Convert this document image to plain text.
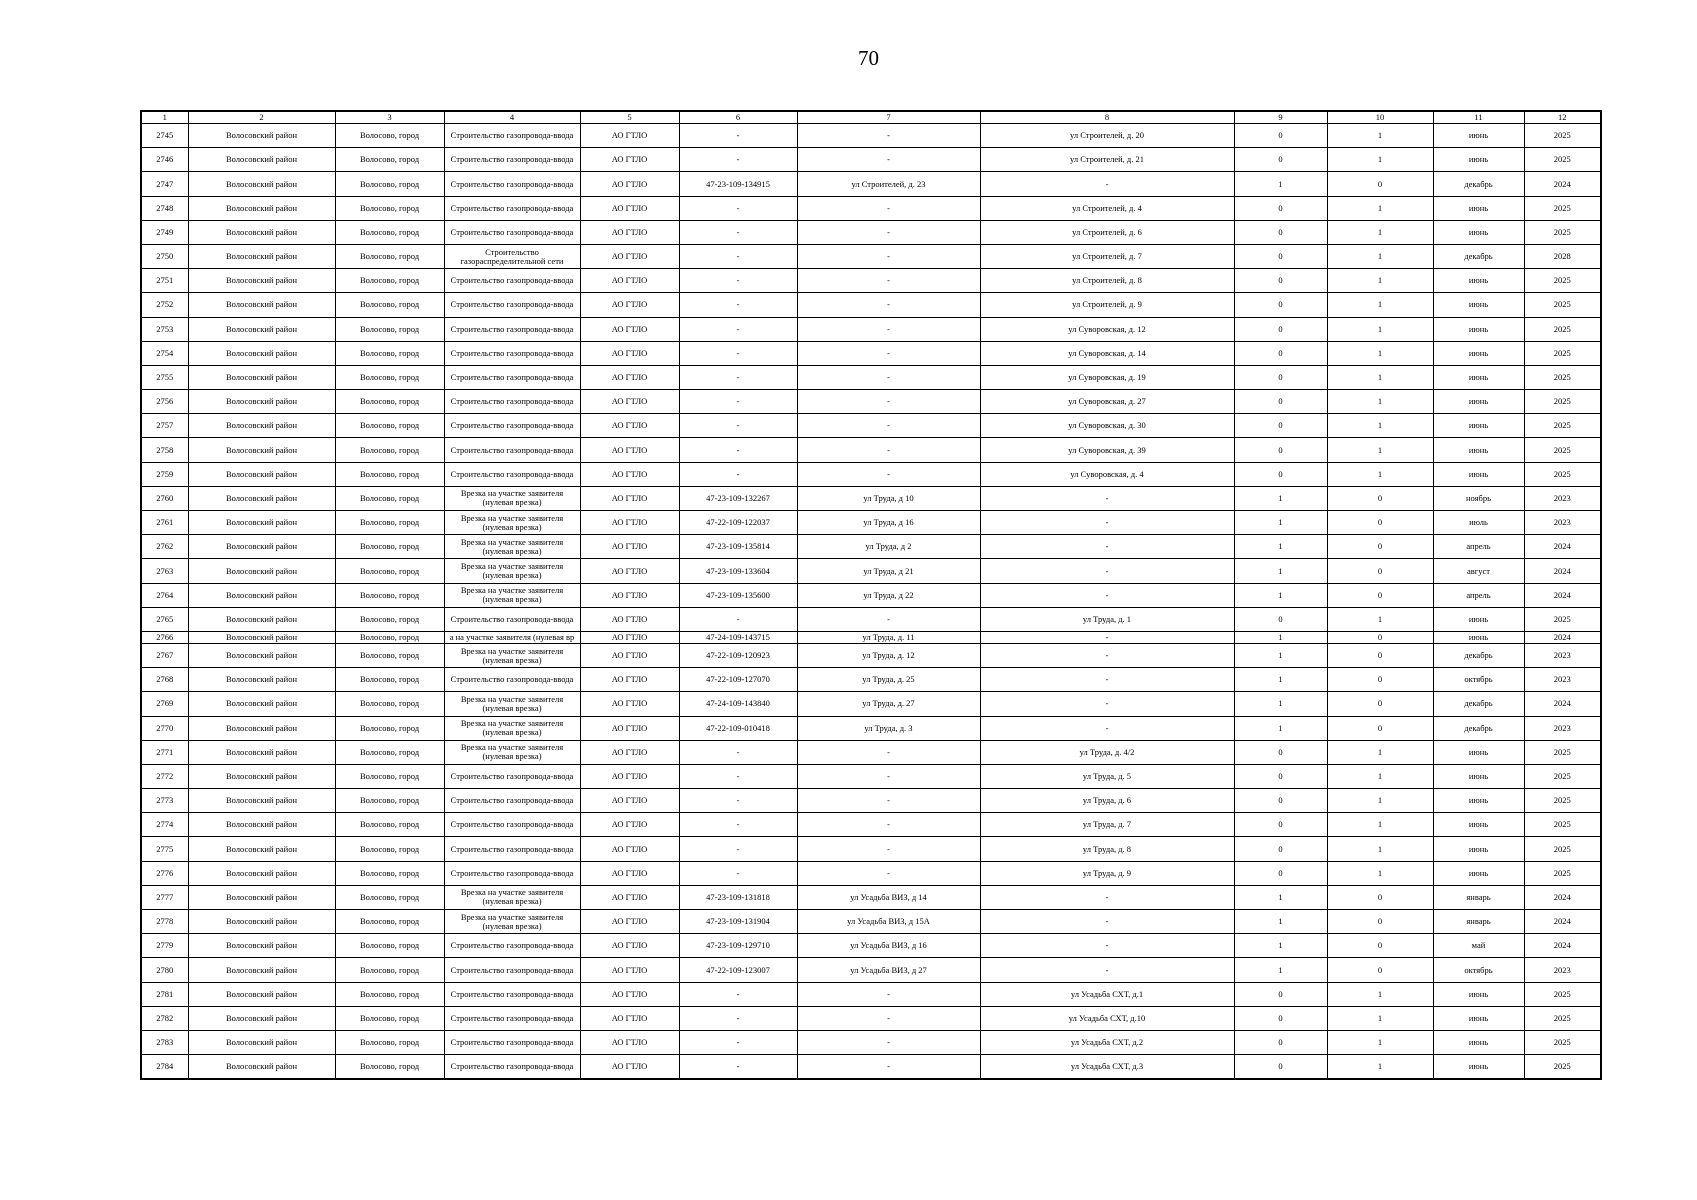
70
1	2	3	4	5	6	7	8	9	10	11	12
2745	Волосовский район	Волосово, город	Строительство газопровода-ввода	АО ГТЛО	-	-	ул Строителей, д. 20	0	1	июнь	2025
2746	Волосовский район	Волосово, город	Строительство газопровода-ввода	АО ГТЛО	-	-	ул Строителей, д. 21	0	1	июнь	2025
2747	Волосовский район	Волосово, город	Строительство газопровода-ввода	АО ГТЛО	47-23-109-134915	ул Строителей, д. 23	-	1	0	декабрь	2024
2748	Волосовский район	Волосово, город	Строительство газопровода-ввода	АО ГТЛО	-	-	ул Строителей, д. 4	0	1	июнь	2025
2749	Волосовский район	Волосово, город	Строительство газопровода-ввода	АО ГТЛО	-	-	ул Строителей, д. 6	0	1	июнь	2025
2750	Волосовский район	Волосово, город	Строительство газораспределительной сети	АО ГТЛО	-	-	ул Строителей, д. 7	0	1	декабрь	2028
2751	Волосовский район	Волосово, город	Строительство газопровода-ввода	АО ГТЛО	-	-	ул Строителей, д. 8	0	1	июнь	2025
2752	Волосовский район	Волосово, город	Строительство газопровода-ввода	АО ГТЛО	-	-	ул Строителей, д. 9	0	1	июнь	2025
2753	Волосовский район	Волосово, город	Строительство газопровода-ввода	АО ГТЛО	-	-	ул Суворовская, д. 12	0	1	июнь	2025
2754	Волосовский район	Волосово, город	Строительство газопровода-ввода	АО ГТЛО	-	-	ул Суворовская, д. 14	0	1	июнь	2025
2755	Волосовский район	Волосово, город	Строительство газопровода-ввода	АО ГТЛО	-	-	ул Суворовская, д. 19	0	1	июнь	2025
2756	Волосовский район	Волосово, город	Строительство газопровода-ввода	АО ГТЛО	-	-	ул Суворовская, д. 27	0	1	июнь	2025
2757	Волосовский район	Волосово, город	Строительство газопровода-ввода	АО ГТЛО	-	-	ул Суворовская, д. 30	0	1	июнь	2025
2758	Волосовский район	Волосово, город	Строительство газопровода-ввода	АО ГТЛО	-	-	ул Суворовская, д. 39	0	1	июнь	2025
2759	Волосовский район	Волосово, город	Строительство газопровода-ввода	АО ГТЛО	-	-	ул Суворовская, д. 4	0	1	июнь	2025
2760	Волосовский район	Волосово, город	Врезка на участке заявителя (нулевая врезка)	АО ГТЛО	47-23-109-132267	ул Труда, д 10	-	1	0	ноябрь	2023
2761	Волосовский район	Волосово, город	Врезка на участке заявителя (нулевая врезка)	АО ГТЛО	47-22-109-122037	ул Труда, д 16	-	1	0	июль	2023
2762	Волосовский район	Волосово, город	Врезка на участке заявителя (нулевая врезка)	АО ГТЛО	47-23-109-135814	ул Труда, д 2	-	1	0	апрель	2024
2763	Волосовский район	Волосово, город	Врезка на участке заявителя (нулевая врезка)	АО ГТЛО	47-23-109-133604	ул Труда, д 21	-	1	0	август	2024
2764	Волосовский район	Волосово, город	Врезка на участке заявителя (нулевая врезка)	АО ГТЛО	47-23-109-135600	ул Труда, д 22	-	1	0	апрель	2024
2765	Волосовский район	Волосово, город	Строительство газопровода-ввода	АО ГТЛО	-	-	ул Труда, д. 1	0	1	июнь	2025
2766	Волосовский район	Волосово, город	а на участке заявителя (нулевая вр	АО ГТЛО	47-24-109-143715	ул Труда, д. 11	-	1	0	июнь	2024
2767	Волосовский район	Волосово, город	Врезка на участке заявителя (нулевая врезка)	АО ГТЛО	47-22-109-120923	ул Труда, д. 12	-	1	0	декабрь	2023
2768	Волосовский район	Волосово, город	Строительство газопровода-ввода	АО ГТЛО	47-22-109-127070	ул Труда, д. 25	-	1	0	октябрь	2023
2769	Волосовский район	Волосово, город	Врезка на участке заявителя (нулевая врезка)	АО ГТЛО	47-24-109-143840	ул Труда, д. 27	-	1	0	декабрь	2024
2770	Волосовский район	Волосово, город	Врезка на участке заявителя (нулевая врезка)	АО ГТЛО	47-22-109-010418	ул Труда, д. 3	-	1	0	декабрь	2023
2771	Волосовский район	Волосово, город	Врезка на участке заявителя (нулевая врезка)	АО ГТЛО	-	-	ул Труда, д. 4/2	0	1	июнь	2025
2772	Волосовский район	Волосово, город	Строительство газопровода-ввода	АО ГТЛО	-	-	ул Труда, д. 5	0	1	июнь	2025
2773	Волосовский район	Волосово, город	Строительство газопровода-ввода	АО ГТЛО	-	-	ул Труда, д. 6	0	1	июнь	2025
2774	Волосовский район	Волосово, город	Строительство газопровода-ввода	АО ГТЛО	-	-	ул Труда, д. 7	0	1	июнь	2025
2775	Волосовский район	Волосово, город	Строительство газопровода-ввода	АО ГТЛО	-	-	ул Труда, д. 8	0	1	июнь	2025
2776	Волосовский район	Волосово, город	Строительство газопровода-ввода	АО ГТЛО	-	-	ул Труда, д. 9	0	1	июнь	2025
2777	Волосовский район	Волосово, город	Врезка на участке заявителя (нулевая врезка)	АО ГТЛО	47-23-109-131818	ул Усадьба ВИЗ, д 14	-	1	0	январь	2024
2778	Волосовский район	Волосово, город	Врезка на участке заявителя (нулевая врезка)	АО ГТЛО	47-23-109-131904	ул Усадьба ВИЗ, д 15А	-	1	0	январь	2024
2779	Волосовский район	Волосово, город	Строительство газопровода-ввода	АО ГТЛО	47-23-109-129710	ул Усадьба ВИЗ, д 16	-	1	0	май	2024
2780	Волосовский район	Волосово, город	Строительство газопровода-ввода	АО ГТЛО	47-22-109-123007	ул Усадьба ВИЗ, д 27	-	1	0	октябрь	2023
2781	Волосовский район	Волосово, город	Строительство газопровода-ввода	АО ГТЛО	-	-	ул Усадьба СХТ, д.1	0	1	июнь	2025
2782	Волосовский район	Волосово, город	Строительство газопровода-ввода	АО ГТЛО	-	-	ул Усадьба СХТ, д.10	0	1	июнь	2025
2783	Волосовский район	Волосово, город	Строительство газопровода-ввода	АО ГТЛО	-	-	ул Усадьба СХТ, д.2	0	1	июнь	2025
2784	Волосовский район	Волосово, город	Строительство газопровода-ввода	АО ГТЛО	-	-	ул Усадьба СХТ, д.3	0	1	июнь	2025
